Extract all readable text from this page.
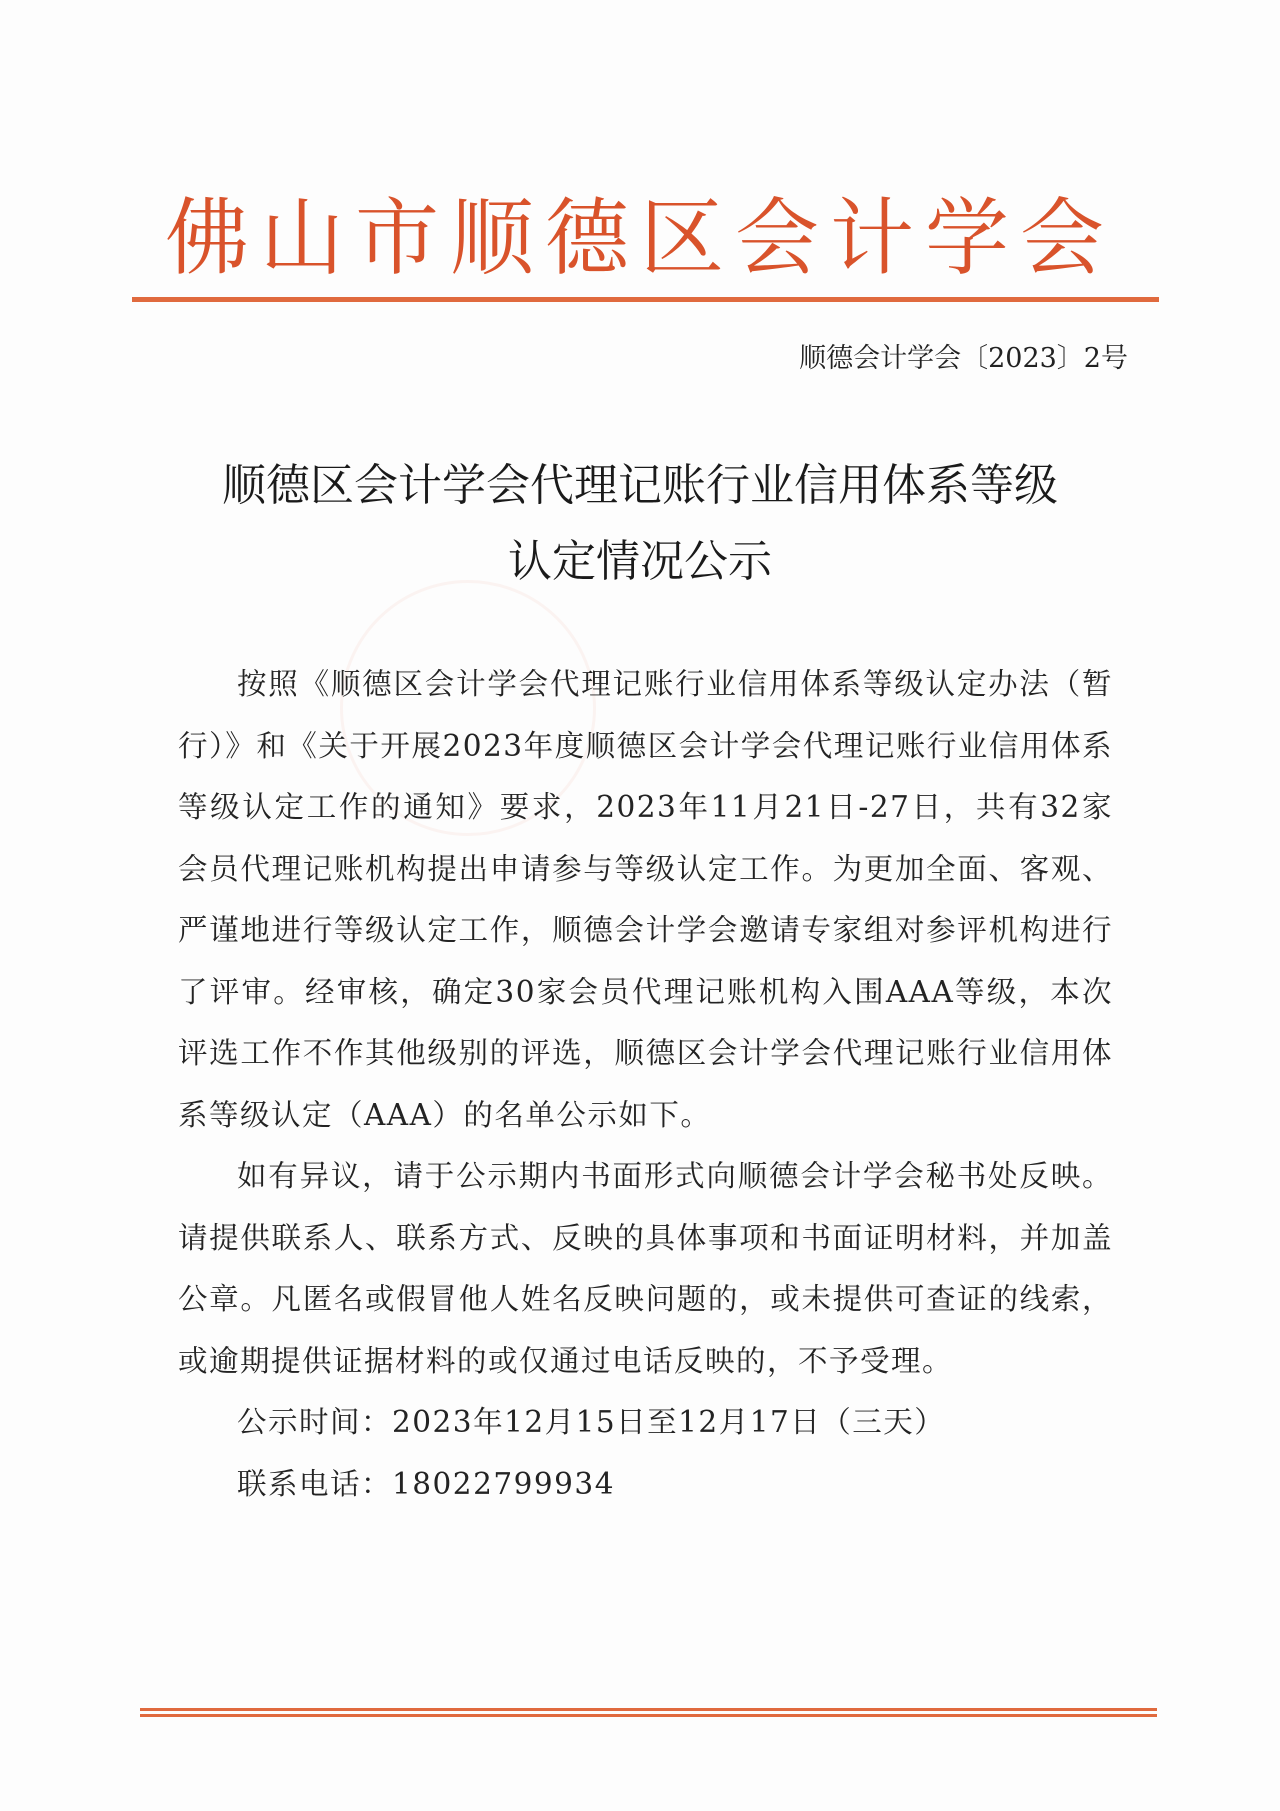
佛山市顺德区会计学会
顺德会计学会〔2023〕2号
顺德区会计学会代理记账行业信用体系等级
认定情况公示

按照《顺德区会计学会代理记账行业信用体系等级认定办法（暂行）》和《关于开展2023年度顺德区会计学会代理记账行业信用体系等级认定工作的通知》要求，2023年11月21日-27日，共有32家会员代理记账机构提出申请参与等级认定工作。为更加全面、客观、严谨地进行等级认定工作，顺德会计学会邀请专家组对参评机构进行了评审。经审核，确定30家会员代理记账机构入围AAA等级，本次评选工作不作其他级别的评选，顺德区会计学会代理记账行业信用体系等级认定（AAA）的名单公示如下。

如有异议，请于公示期内书面形式向顺德会计学会秘书处反映。请提供联系人、联系方式、反映的具体事项和书面证明材料，并加盖公章。凡匿名或假冒他人姓名反映问题的，或未提供可查证的线索，或逾期提供证据材料的或仅通过电话反映的，不予受理。

公示时间：2023年12月15日至12月17日（三天）

联系电话：18022799934
